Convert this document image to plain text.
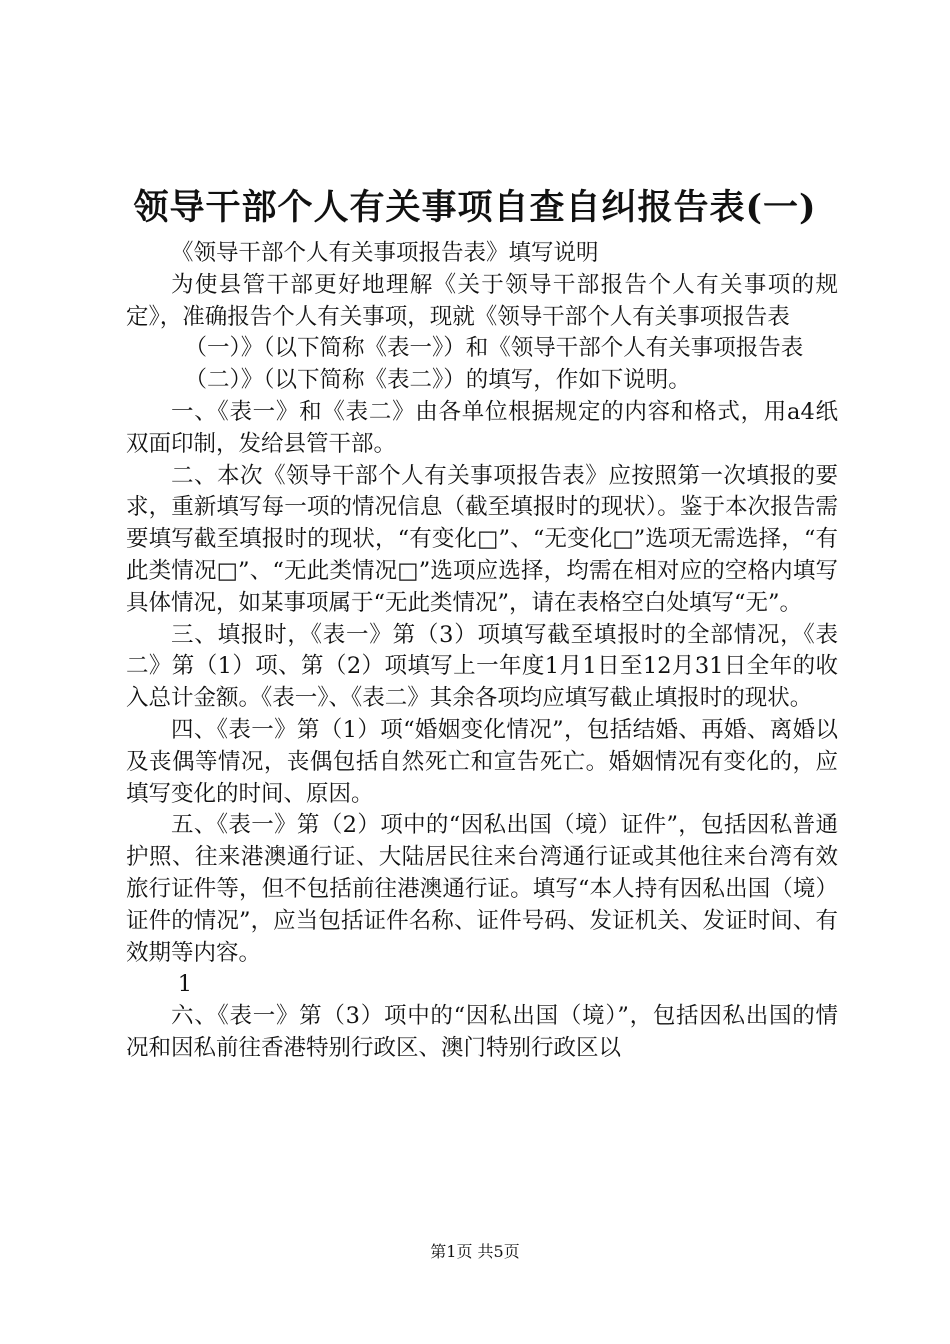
领导干部个人有关事项自查自纠报告表(一)

《领导干部个人有关事项报告表》填写说明

为使县管干部更好地理解《关于领导干部报告个人有关事项的规定》，准确报告个人有关事项，现就《领导干部个人有关事项报告表

（一）》（以下简称《表一》）和《领导干部个人有关事项报告表

（二）》（以下简称《表二》）的填写，作如下说明。

一、《表一》和《表二》由各单位根据规定的内容和格式，用a4纸双面印制，发给县管干部。

二、本次《领导干部个人有关事项报告表》应按照第一次填报的要求，重新填写每一项的情况信息（截至填报时的现状）。鉴于本次报告需要填写截至填报时的现状，“有变化□”、“无变化□”选项无需选择，“有此类情况□”、“无此类情况□”选项应选择，均需在相对应的空格内填写具体情况，如某事项属于“无此类情况”，请在表格空白处填写“无”。

三、填报时，《表一》第（3）项填写截至填报时的全部情况，《表二》第（1）项、第（2）项填写上一年度1月1日至12月31日全年的收入总计金额。《表一》、《表二》其余各项均应填写截止填报时的现状。

四、《表一》第（1）项“婚姻变化情况”，包括结婚、再婚、离婚以及丧偶等情况，丧偶包括自然死亡和宣告死亡。婚姻情况有变化的，应填写变化的时间、原因。

五、《表一》第（2）项中的“因私出国（境）证件”，包括因私普通护照、往来港澳通行证、大陆居民往来台湾通行证或其他往来台湾有效旅行证件等，但不包括前往港澳通行证。填写“本人持有因私出国（境）证件的情况”，应当包括证件名称、证件号码、发证机关、发证时间、有效期等内容。

1

六、《表一》第（3）项中的“因私出国（境）”，包括因私出国的情况和因私前往香港特别行政区、澳门特别行政区以

第1页 共5页
